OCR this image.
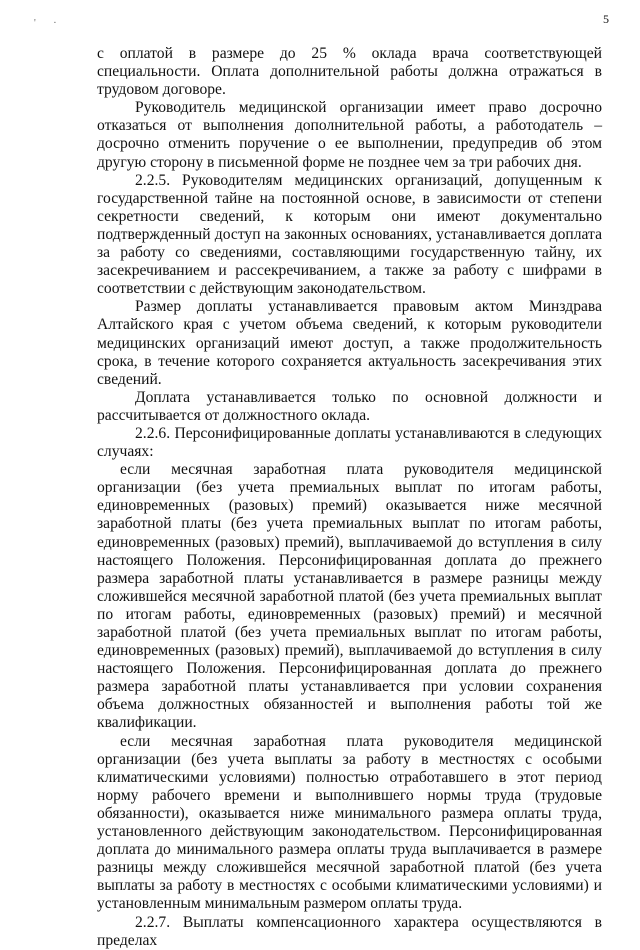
'       ·	5

с оплатой в размере до 25 % оклада врача соответствующей специальности. Оплата дополнительной работы должна отражаться в трудовом договоре.

Руководитель медицинской организации имеет право досрочно отказаться от выполнения дополнительной работы, а работодатель – досрочно отменить поручение о ее выполнении, предупредив об этом другую сторону в письменной форме не позднее чем за три рабочих дня.

2.2.5. Руководителям медицинских организаций, допущенным к государственной тайне на постоянной основе, в зависимости от степени секретности сведений, к которым они имеют документально подтвержденный доступ на законных основаниях, устанавливается доплата за работу со сведениями, составляющими государственную тайну, их засекречиванием и рассекречиванием, а также за работу с шифрами в соответствии с действующим законодательством.

Размер доплаты устанавливается правовым актом Минздрава Алтайского края с учетом объема сведений, к которым руководители медицинских организаций имеют доступ, а также продолжительность срока, в течение которого сохраняется актуальность засекречивания этих сведений.

Доплата устанавливается только по основной должности и рассчитывается от должностного оклада.

2.2.6. Персонифицированные доплаты устанавливаются в следующих случаях:

если месячная заработная плата руководителя медицинской организации (без учета премиальных выплат по итогам работы, единовременных (разовых) премий) оказывается ниже месячной заработной платы (без учета премиальных выплат по итогам работы, единовременных (разовых) премий), выплачиваемой до вступления в силу настоящего Положения. Персонифицированная доплата до прежнего размера заработной платы устанавливается в размере разницы между сложившейся месячной заработной платой (без учета премиальных выплат по итогам работы, единовременных (разовых) премий) и месячной заработной платой (без учета премиальных выплат по итогам работы, единовременных (разовых) премий), выплачиваемой до вступления в силу настоящего Положения. Персонифицированная доплата до прежнего размера заработной платы устанавливается при условии сохранения объема должностных обязанностей и выполнения работы той же квалификации.

если месячная заработная плата руководителя медицинской организации (без учета выплаты за работу в местностях с особыми климатическими условиями) полностью отработавшего в этот период норму рабочего времени и выполнившего нормы труда (трудовые обязанности), оказывается ниже минимального размера оплаты труда, установленного действующим законодательством. Персонифицированная доплата до минимального размера оплаты труда выплачивается в размере разницы между сложившейся месячной заработной платой (без учета выплаты за работу в местностях с особыми климатическими условиями) и установленным минимальным размером оплаты труда.

2.2.7. Выплаты компенсационного характера осуществляются в пределах
